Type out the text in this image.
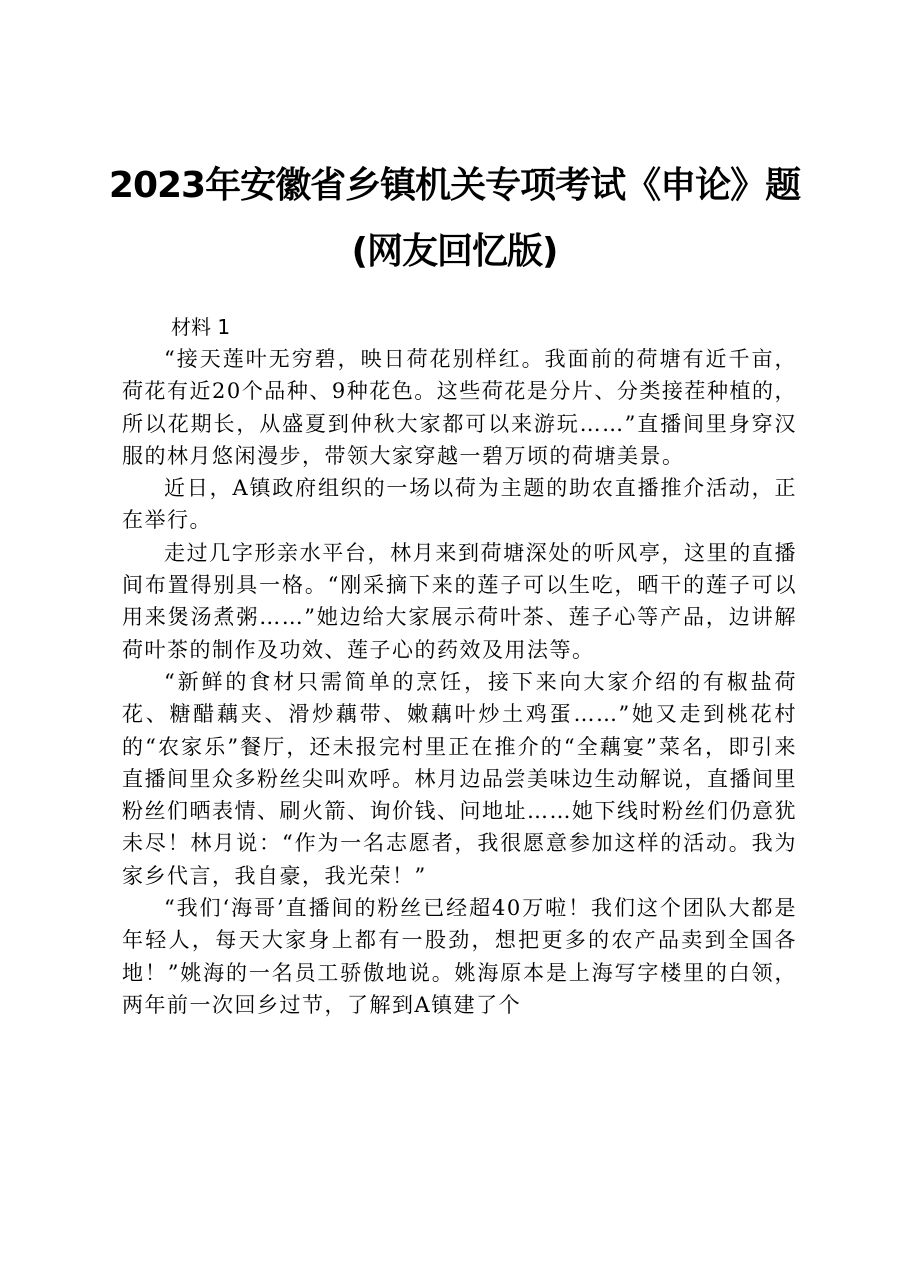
2023年安徽省乡镇机关专项考试《申论》题
(网友回忆版)
材料 1

“接天莲叶无穷碧，映日荷花别样红。我面前的荷塘有近千亩，荷花有近20个品种、9种花色。这些荷花是分片、分类接茬种植的，所以花期长，从盛夏到仲秋大家都可以来游玩……”直播间里身穿汉服的林月悠闲漫步，带领大家穿越一碧万顷的荷塘美景。

近日，A镇政府组织的一场以荷为主题的助农直播推介活动，正在举行。

走过几字形亲水平台，林月来到荷塘深处的听风亭，这里的直播间布置得别具一格。“刚采摘下来的莲子可以生吃，晒干的莲子可以用来煲汤煮粥……”她边给大家展示荷叶茶、莲子心等产品，边讲解荷叶茶的制作及功效、莲子心的药效及用法等。

“新鲜的食材只需简单的烹饪，接下来向大家介绍的有椒盐荷花、糖醋藕夹、滑炒藕带、嫩藕叶炒土鸡蛋……”她又走到桃花村的“农家乐”餐厅，还未报完村里正在推介的“全藕宴”菜名，即引来直播间里众多粉丝尖叫欢呼。林月边品尝美味边生动解说，直播间里粉丝们晒表情、刷火箭、询价钱、问地址……她下线时粉丝们仍意犹未尽！林月说：“作为一名志愿者，我很愿意参加这样的活动。我为家乡代言，我自豪，我光荣！”

“我们‘海哥’直播间的粉丝已经超40万啦！我们这个团队大都是年轻人，每天大家身上都有一股劲，想把更多的农产品卖到全国各地！”姚海的一名员工骄傲地说。姚海原本是上海写字楼里的白领，两年前一次回乡过节，了解到A镇建了个
